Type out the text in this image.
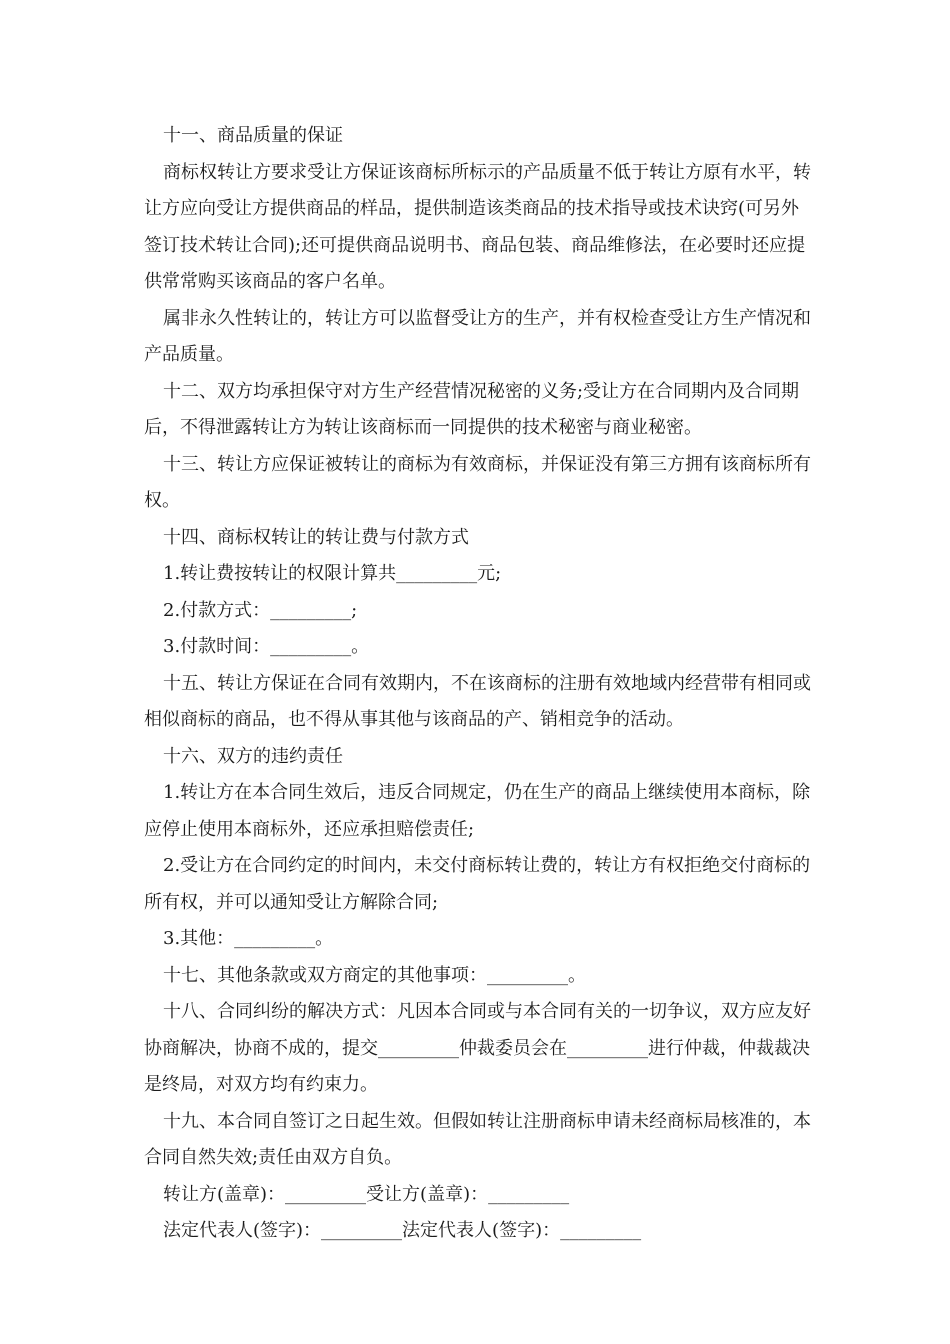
十一、商品质量的保证

商标权转让方要求受让方保证该商标所标示的产品质量不低于转让方原有水平，转让方应向受让方提供商品的样品，提供制造该类商品的技术指导或技术诀窍(可另外签订技术转让合同);还可提供商品说明书、商品包装、商品维修法，在必要时还应提供常常购买该商品的客户名单。

属非永久性转让的，转让方可以监督受让方的生产，并有权检查受让方生产情况和产品质量。

十二、双方均承担保守对方生产经营情况秘密的义务;受让方在合同期内及合同期后，不得泄露转让方为转让该商标而一同提供的技术秘密与商业秘密。

十三、转让方应保证被转让的商标为有效商标，并保证没有第三方拥有该商标所有权。

十四、商标权转让的转让费与付款方式

1.转让费按转让的权限计算共_________元;

2.付款方式：_________;

3.付款时间：_________。

十五、转让方保证在合同有效期内，不在该商标的注册有效地域内经营带有相同或相似商标的商品，也不得从事其他与该商品的产、销相竞争的活动。

十六、双方的违约责任

1.转让方在本合同生效后，违反合同规定，仍在生产的商品上继续使用本商标，除应停止使用本商标外，还应承担赔偿责任;

2.受让方在合同约定的时间内，未交付商标转让费的，转让方有权拒绝交付商标的所有权，并可以通知受让方解除合同;

3.其他：_________。

十七、其他条款或双方商定的其他事项：_________。

十八、合同纠纷的解决方式：凡因本合同或与本合同有关的一切争议，双方应友好协商解决，协商不成的，提交_________仲裁委员会在_________进行仲裁，仲裁裁决是终局，对双方均有约束力。

十九、本合同自签订之日起生效。但假如转让注册商标申请未经商标局核准的，本合同自然失效;责任由双方自负。

转让方(盖章)：_________受让方(盖章)：_________

法定代表人(签字)：_________法定代表人(签字)：_________
